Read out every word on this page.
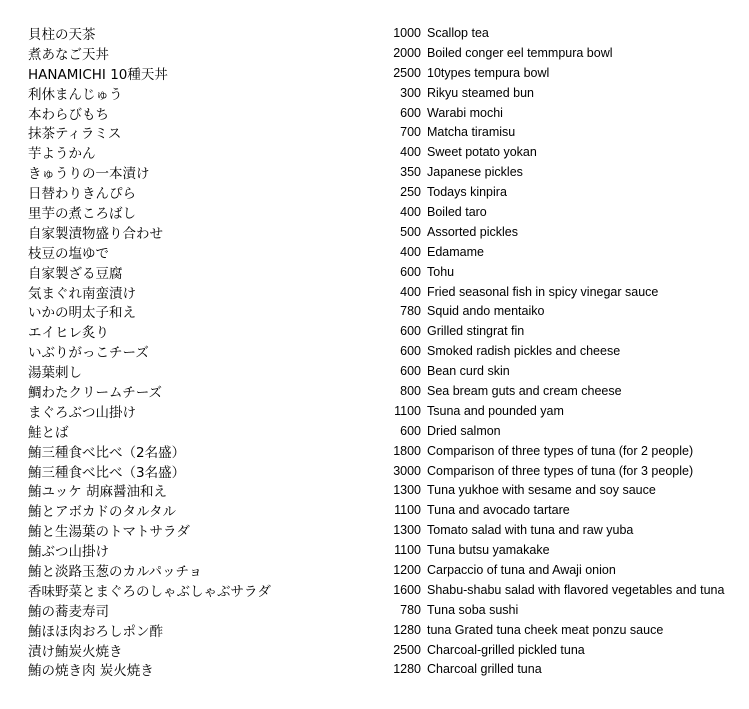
貝柱の天茶	1000 Scallop tea
煮あなご天丼	2000 Boiled conger eel temmpura bowl
HANAMICHI 10種天丼	2500 10types tempura bowl
利休まんじゅう	300 Rikyu steamed bun
本わらびもち	600 Warabi mochi
抹茶ティラミス	700 Matcha tiramisu
芋ようかん	400 Sweet potato yokan
きゅうりの一本漬け	350 Japanese pickles
日替わりきんぴら	250 Todays kinpira
里芋の煮ころばし	400 Boiled taro
自家製漬物盛り合わせ	500 Assorted pickles
枝豆の塩ゆで	400 Edamame
自家製ざる豆腐	600 Tohu
気まぐれ南蛮漬け	400 Fried seasonal fish in spicy vinegar sauce
いかの明太子和え	780 Squid ando mentaiko
エイヒレ炙り	600 Grilled stingrat fin
いぶりがっこチーズ	600 Smoked radish pickles and cheese
湯葉刺し	600 Bean curd skin
鯛わたクリームチーズ	800 Sea bream guts and cream cheese
まぐろぶつ山掛け	1100 Tsuna and pounded yam
鮭とば	600 Dried salmon
鮪三種食べ比べ（2名盛）	1800 Comparison of three types of tuna (for 2 people)
鮪三種食べ比べ（3名盛）	3000 Comparison of three types of tuna (for 3 people)
鮪ユッケ 胡麻醤油和え	1300 Tuna yukhoe with sesame and soy sauce
鮪とアボカドのタルタル	1100 Tuna and avocado tartare
鮪と生湯葉のトマトサラダ	1300 Tomato salad with tuna and raw yuba
鮪ぶつ山掛け	1100 Tuna butsu yamakake
鮪と淡路玉葱のカルパッチョ	1200 Carpaccio of tuna and Awaji onion
香味野菜とまぐろのしゃぶしゃぶサラダ	1600 Shabu-shabu salad with flavored vegetables and tuna
鮪の蕎麦寿司	780 Tuna soba sushi
鮪ほほ肉おろしポン酢	1280 tuna Grated tuna cheek meat ponzu sauce
漬け鮪炭火焼き	2500 Charcoal-grilled pickled tuna
鮪の焼き肉 炭火焼き	1280 Charcoal grilled tuna
